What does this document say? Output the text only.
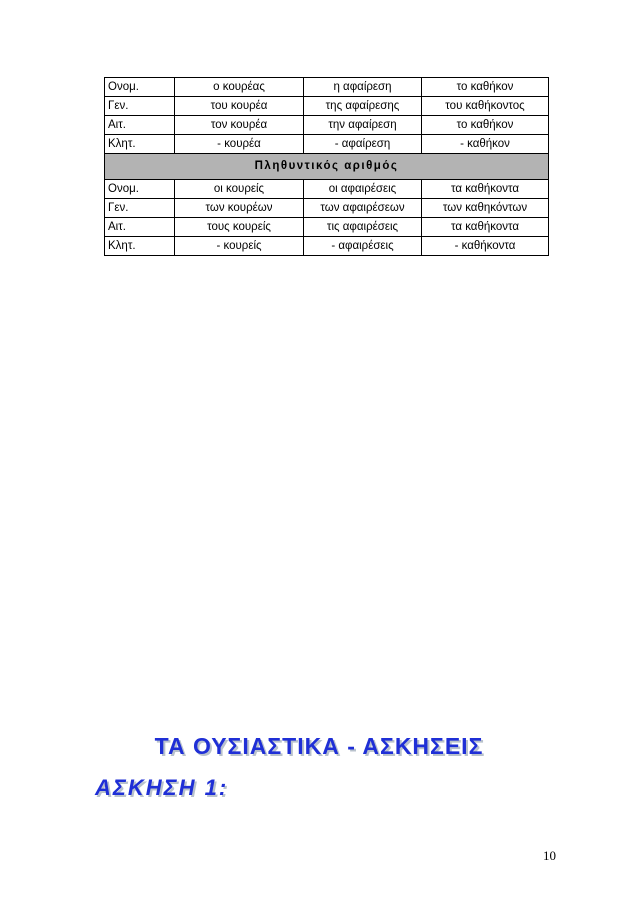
Ονομ.	ο κουρέας	η αφαίρεση	το καθήκον
Γεν.	του κουρέα	της αφαίρεσης	του καθήκοντος
Αιτ.	τον κουρέα	την αφαίρεση	το καθήκον
Κλητ.	- κουρέα	- αφαίρεση	- καθήκον
Πληθυντικός αριθμός			
Ονομ.	οι κουρείς	οι αφαιρέσεις	τα καθήκοντα
Γεν.	των κουρέων	των αφαιρέσεων	των καθηκόντων
Αιτ.	τους κουρείς	τις αφαιρέσεις	τα καθήκοντα
Κλητ.	- κουρείς	- αφαιρέσεις	- καθήκοντα
ΤΑ ΟΥΣΙΑΣΤΙΚΑ - ΑΣΚΗΣΕΙΣ
ΑΣΚΗΣΗ 1:
10
